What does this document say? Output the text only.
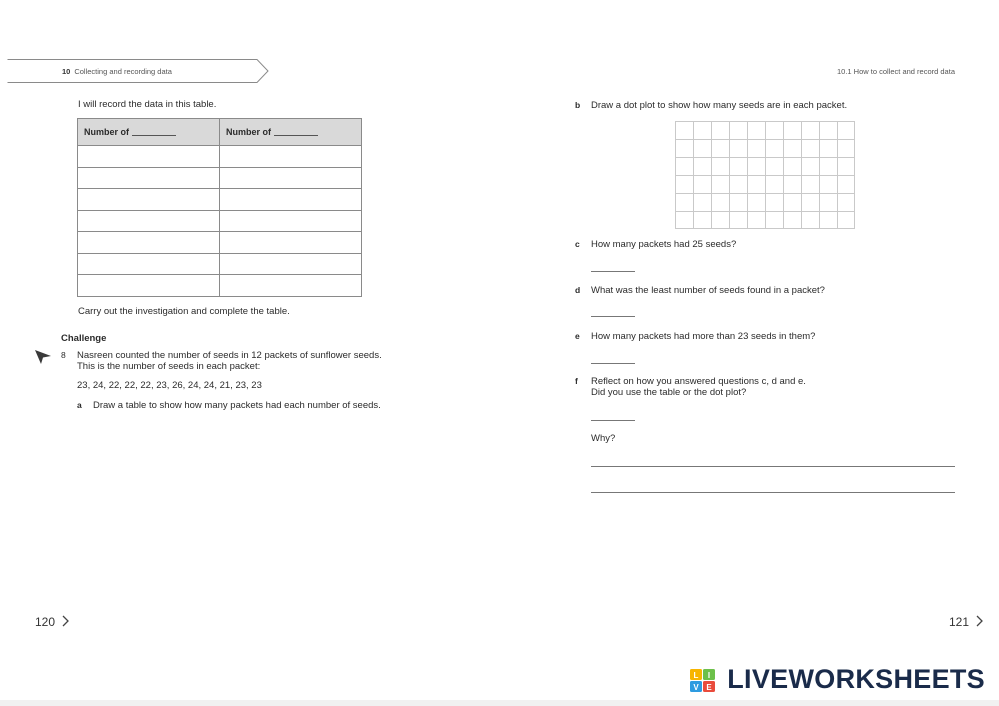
10 Collecting and recording data	10.1 How to collect and record data
I will record the data in this table.
Number of	Number of

Carry out the investigation and complete the table.
Challenge
8 Nasreen counted the number of seeds in 12 packets of sunflower seeds.
This is the number of seeds in each packet:
23, 24, 22, 22, 22, 23, 26, 24, 24, 21, 23, 23
a Draw a table to show how many packets had each number of seeds.
b Draw a dot plot to show how many seeds are in each packet.
c How many packets had 25 seeds?
d What was the least number of seeds found in a packet?
e How many packets had more than 23 seeds in them?
f Reflect on how you answered questions c, d and e.
Did you use the table or the dot plot?
Why?
120	121
L I
V E LIVEWORKSHEETS
